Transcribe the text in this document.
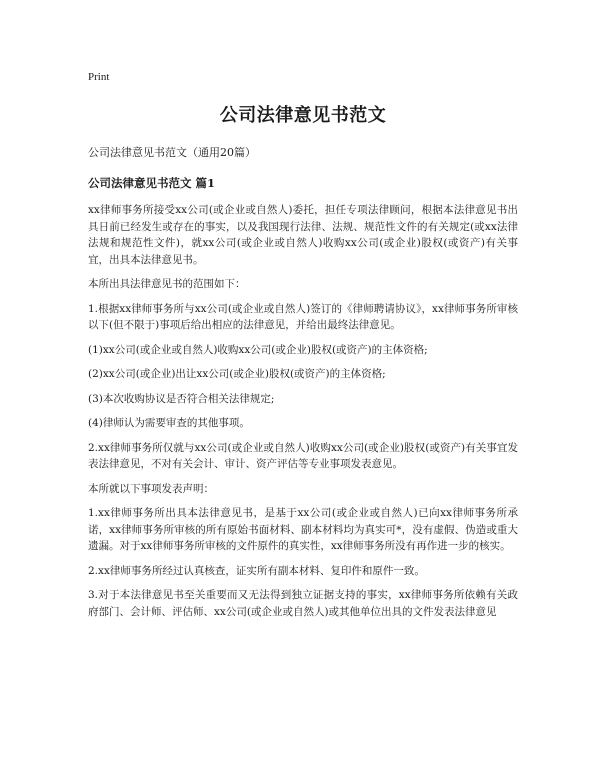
Print
公司法律意见书范文
公司法律意见书范文（通用20篇）
公司法律意见书范文 篇1

xx律师事务所接受xx公司(或企业或自然人)委托，担任专项法律顾问，根据本法律意见书出具日前已经发生或存在的事实，以及我国现行法律、法规、规范性文件的有关规定(或xx法律法规和规范性文件)，就xx公司(或企业或自然人)收购xx公司(或企业)股权(或资产)有关事宜，出具本法律意见书。

本所出具法律意见书的范围如下：

1.根据xx律师事务所与xx公司(或企业或自然人)签订的《律师聘请协议》，xx律师事务所审核以下(但不限于)事项后给出相应的法律意见，并给出最终法律意见。

(1)xx公司(或企业或自然人)收购xx公司(或企业)股权(或资产)的主体资格;

(2)xx公司(或企业)出让xx公司(或企业)股权(或资产)的主体资格;

(3)本次收购协议是否符合相关法律规定;

(4)律师认为需要审查的其他事项。

2.xx律师事务所仅就与xx公司(或企业或自然人)收购xx公司(或企业)股权(或资产)有关事宜发表法律意见，不对有关会计、审计、资产评估等专业事项发表意见。

本所就以下事项发表声明：

1.xx律师事务所出具本法律意见书，是基于xx公司(或企业或自然人)已向xx律师事务所承诺，xx律师事务所审核的所有原始书面材料、副本材料均为真实可*，没有虚假、伪造或重大遗漏。对于xx律师事务所审核的文件原件的真实性，xx律师事务所没有再作进一步的核实。

2.xx律师事务所经过认真核查，证实所有副本材料、复印件和原件一致。

3.对于本法律意见书至关重要而又无法得到独立证据支持的事实，xx律师事务所依赖有关政府部门、会计师、评估师、xx公司(或企业或自然人)或其他单位出具的文件发表法律意见
